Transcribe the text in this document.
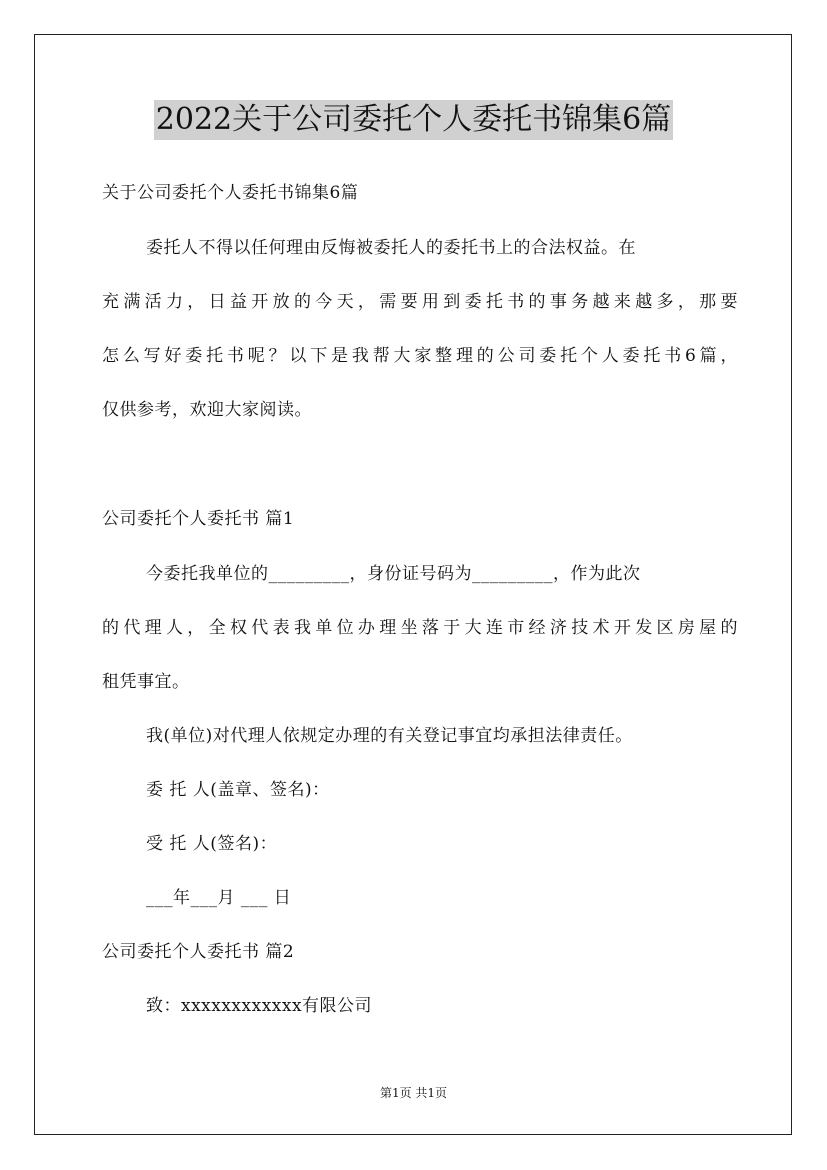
2022关于公司委托个人委托书锦集6篇
关于公司委托个人委托书锦集6篇
委托人不得以任何理由反悔被委托人的委托书上的合法权益。在
充满活力，日益开放的今天，需要用到委托书的事务越来越多，那要
怎么写好委托书呢？以下是我帮大家整理的公司委托个人委托书6篇，
仅供参考，欢迎大家阅读。
公司委托个人委托书 篇1
今委托我单位的_________，身份证号码为_________，作为此次
的代理人，全权代表我单位办理坐落于大连市经济技术开发区房屋的
租凭事宜。
我(单位)对代理人依规定办理的有关登记事宜均承担法律责任。
委 托 人(盖章、签名)：
受 托 人(签名)：
___年___月 ___ 日
公司委托个人委托书 篇2
致：xxxxxxxxxxxx有限公司
第1页 共1页
